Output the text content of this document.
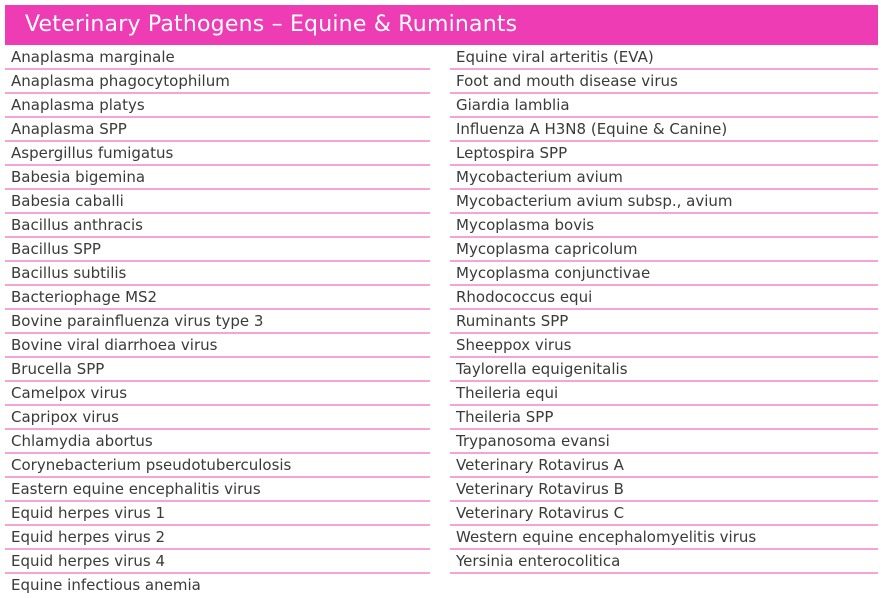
Veterinary Pathogens – Equine & Ruminants
Anaplasma marginale
Anaplasma phagocytophilum
Anaplasma platys
Anaplasma SPP
Aspergillus fumigatus
Babesia bigemina
Babesia caballi
Bacillus anthracis
Bacillus SPP
Bacillus subtilis
Bacteriophage MS2
Bovine parainfluenza virus type 3
Bovine viral diarrhoea virus
Brucella SPP
Camelpox virus
Capripox virus
Chlamydia abortus
Corynebacterium pseudotuberculosis
Eastern equine encephalitis virus
Equid herpes virus 1
Equid herpes virus 2
Equid herpes virus 4
Equine infectious anemia
Equine viral arteritis (EVA)
Foot and mouth disease virus
Giardia lamblia
Influenza A H3N8 (Equine & Canine)
Leptospira SPP
Mycobacterium avium
Mycobacterium avium subsp., avium
Mycoplasma bovis
Mycoplasma capricolum
Mycoplasma conjunctivae
Rhodococcus equi
Ruminants SPP
Sheeppox virus
Taylorella equigenitalis
Theileria equi
Theileria SPP
Trypanosoma evansi
Veterinary Rotavirus A
Veterinary Rotavirus B
Veterinary Rotavirus C
Western equine encephalomyelitis virus
Yersinia enterocolitica
